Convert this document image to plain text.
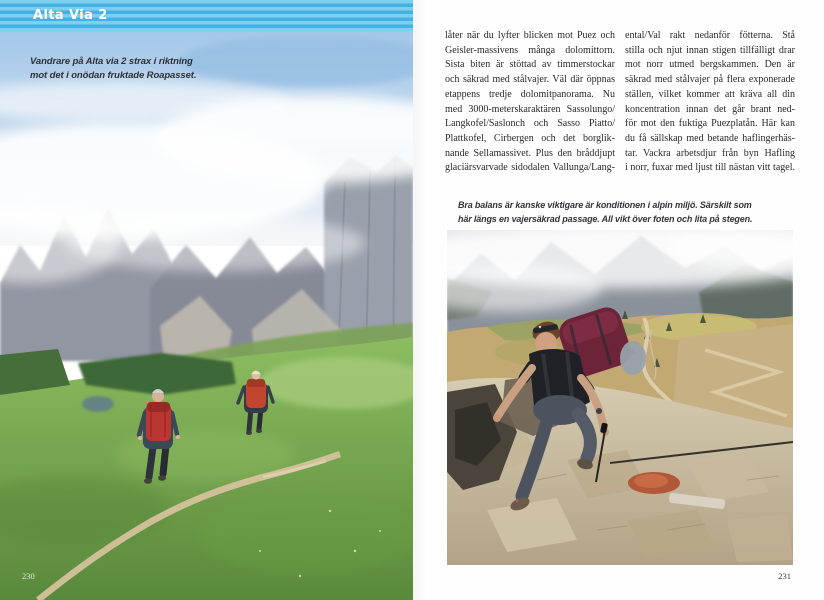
Alta Via 2
Vandrare på Alta via 2 strax i riktning
mot det i onödan fruktade Roapasset.
230
låter när du lyfter blicken mot Puez och
Geisler-massivens många dolomittorn.
Sista biten är stöttad av timmerstockar
och säkrad med stålvajer. Väl där öppnas
etappens tredje dolomitpanorama. Nu
med 3000-meterskaraktären Sassolungo/
Langkofel/Saslonch och Sasso Piatto/
Plattkofel, Cirbergen och det borglik-
nande Sellamassivet. Plus den bråddjupt
glaciärsvarvade sidodalen Vallunga/Lang-
ental/Val rakt nedanför fötterna. Stå
stilla och njut innan stigen tillfälligt drar
mot norr utmed bergskammen. Den är
säkrad med stålvajer på flera exponerade
ställen, vilket kommer att kräva all din
koncentration innan det går brant ned-
för mot den fuktiga Puezplatån. Här kan
du få sällskap med betande haflingerhäs-
tar. Vackra arbetsdjur från byn Hafling
i norr, fuxar med ljust till nästan vitt tagel.
Bra balans är kanske viktigare är konditionen i alpin miljö. Särskilt som
här längs en vajersäkrad passage. All vikt över foten och lita på stegen.
231
